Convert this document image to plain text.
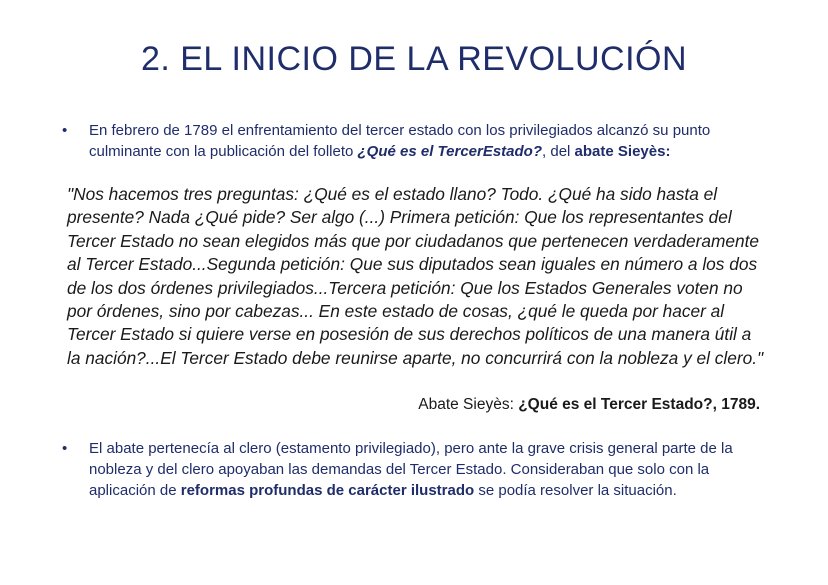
2. EL INICIO DE LA REVOLUCIÓN
• En febrero de 1789 el enfrentamiento del tercer estado con los privilegiados alcanzó su punto culminante con la publicación del folleto ¿Qué es el TercerEstado?, del abate Sieyès:

"Nos hacemos tres preguntas: ¿Qué es el estado llano? Todo. ¿Qué ha sido hasta el presente? Nada ¿Qué pide? Ser algo (...) Primera petición: Que los representantes del Tercer Estado no sean elegidos más que por ciudadanos que pertenecen verdaderamente al Tercer Estado...Segunda petición: Que sus diputados sean iguales en número a los dos de los dos órdenes privilegiados...Tercera petición: Que los Estados Generales voten no por órdenes, sino por cabezas... En este estado de cosas, ¿qué le queda por hacer al Tercer Estado si quiere verse en posesión de sus derechos políticos de una manera útil a la nación?...El Tercer Estado debe reunirse aparte, no concurrirá con la nobleza y el clero."

Abate Sieyès: ¿Qué es el Tercer Estado?, 1789.

• El abate pertenecía al clero (estamento privilegiado), pero ante la grave crisis general parte de la nobleza y del clero apoyaban las demandas del Tercer Estado. Consideraban que solo con la aplicación de reformas profundas de carácter ilustrado se podía resolver la situación.
